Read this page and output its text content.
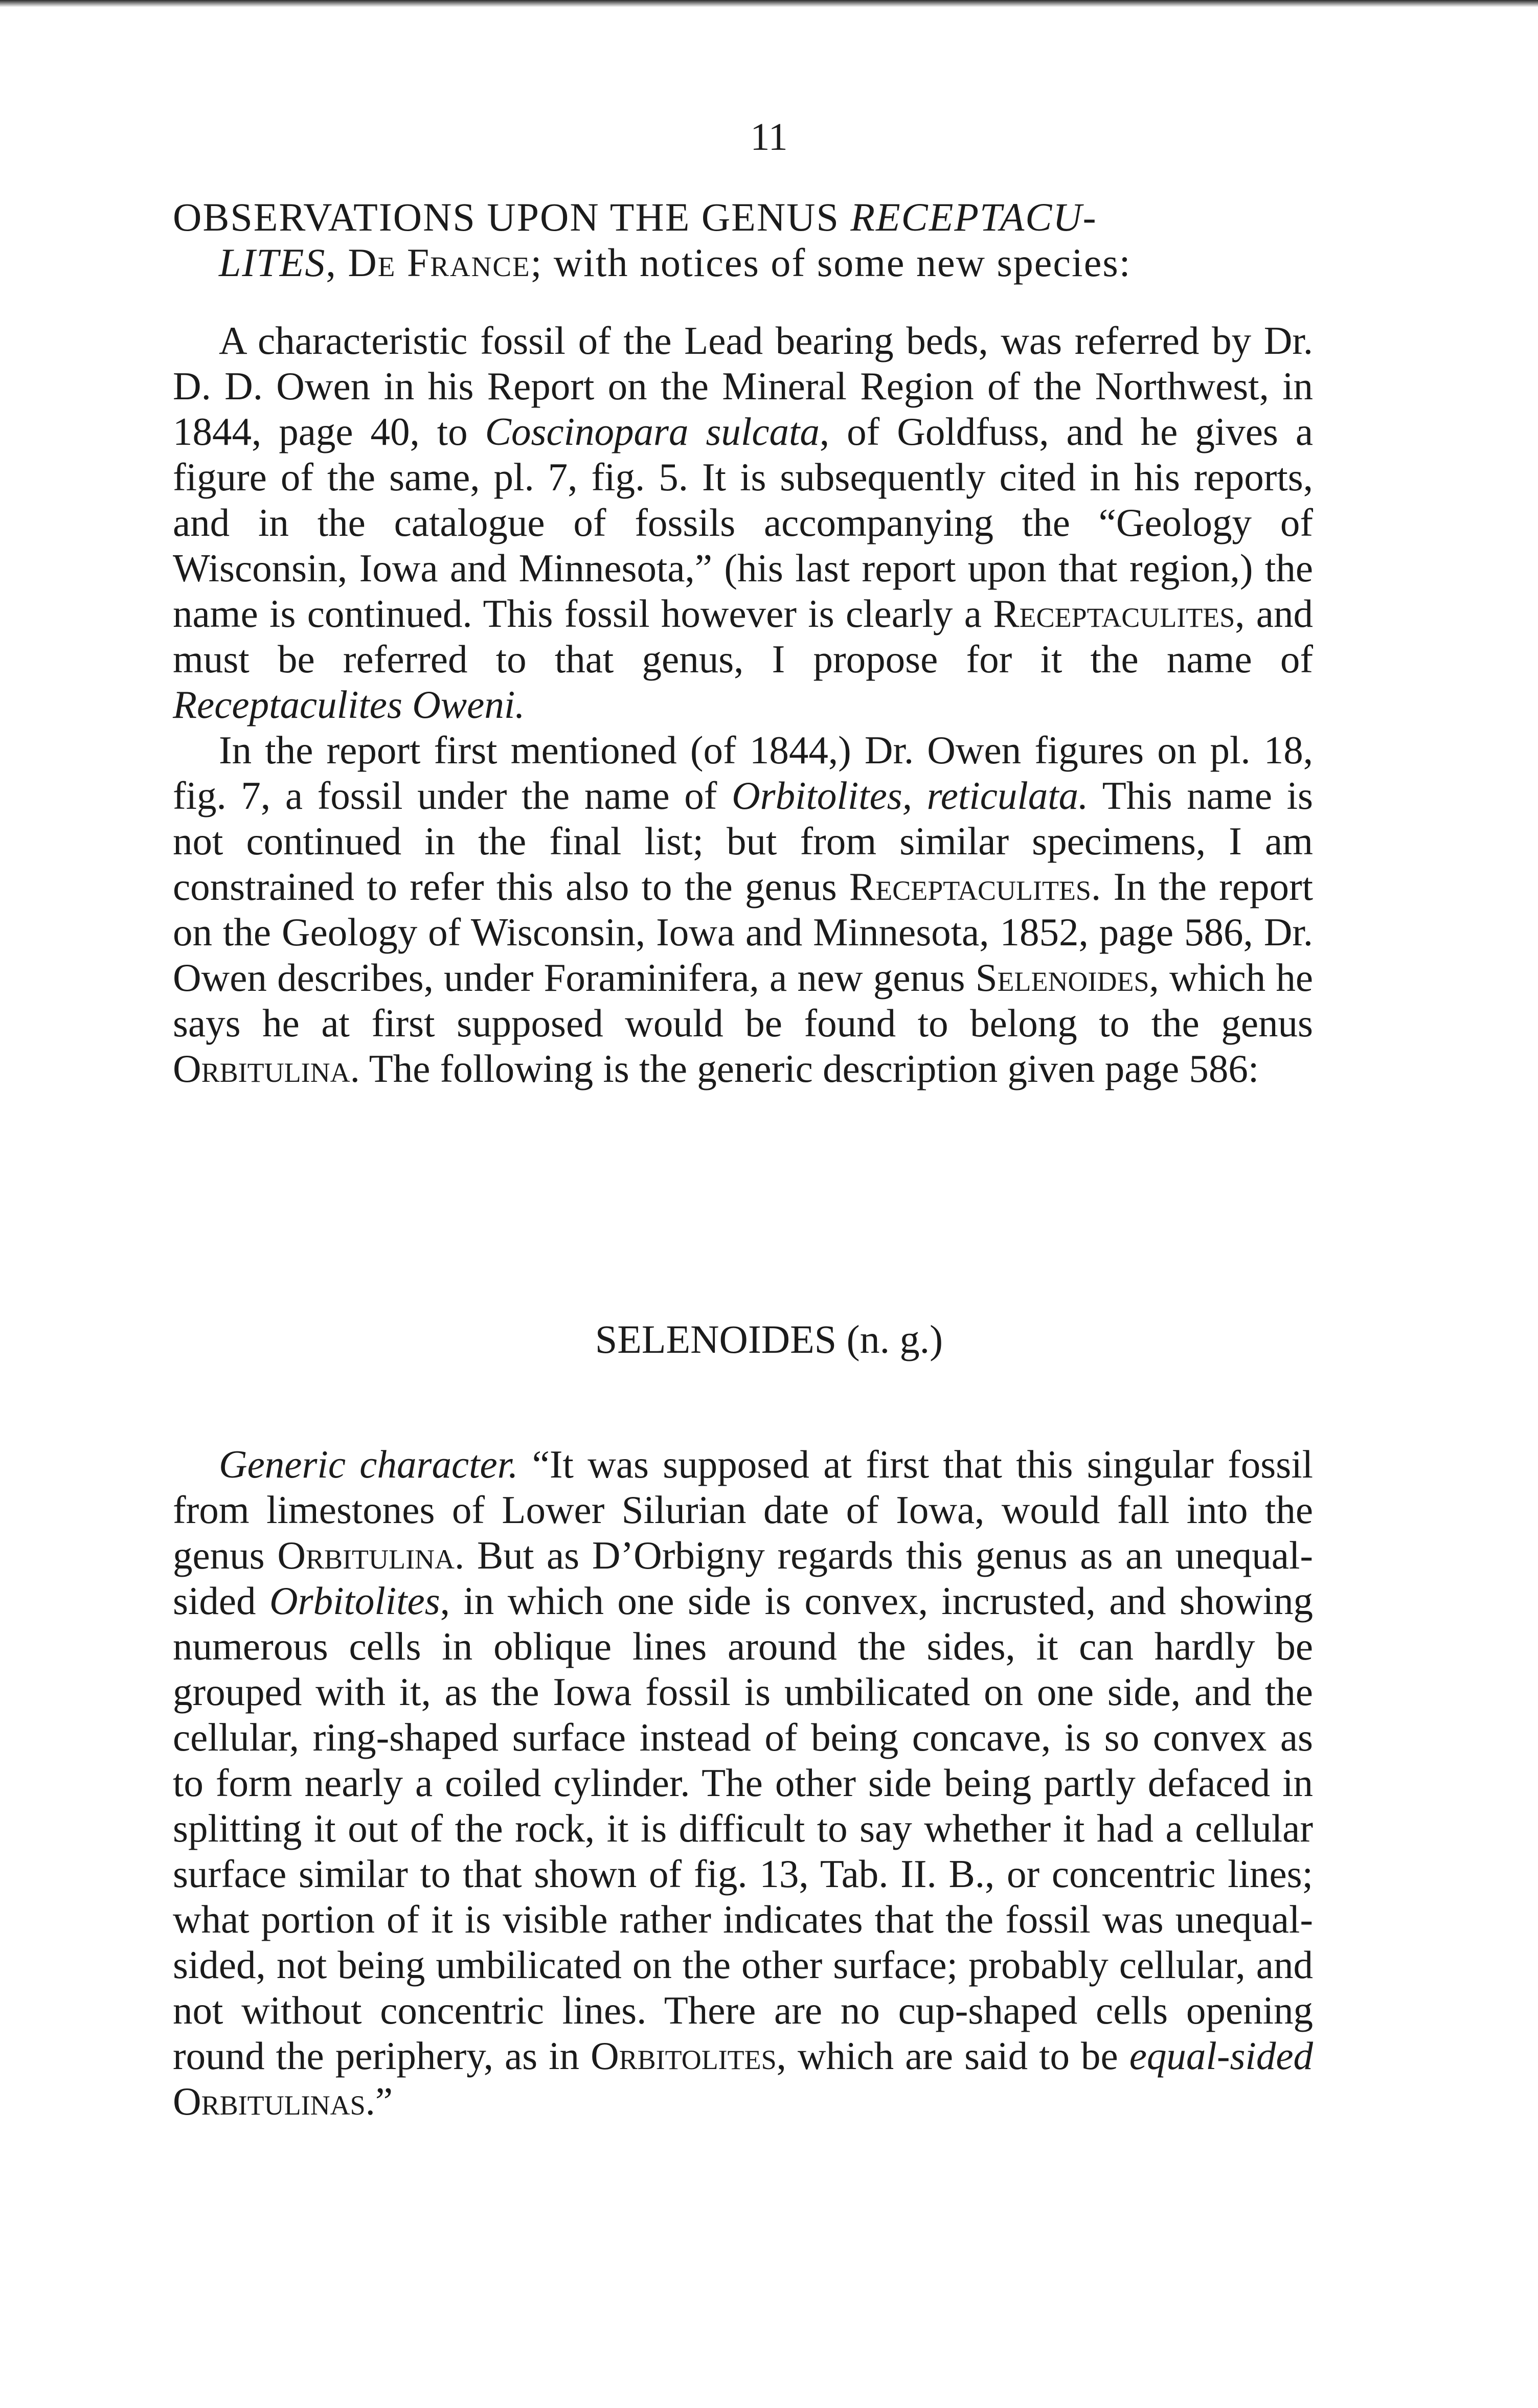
11
OBSERVATIONS UPON THE GENUS RECEPTACU-
LITES, De France; with notices of some new species:

A characteristic fossil of the Lead bearing beds, was referred by Dr. D. D. Owen in his Report on the Mineral Region of the Northwest, in 1844, page 40, to Coscinopara sulcata, of Goldfuss, and he gives a figure of the same, pl. 7, fig. 5. It is subsequently cited in his reports, and in the catalogue of fossils accompanying the “Geology of Wisconsin, Iowa and Minnesota,” (his last report upon that region,) the name is continued. This fossil however is clearly a Receptaculites, and must be referred to that genus, I propose for it the name of Receptaculites Oweni.

In the report first mentioned (of 1844,) Dr. Owen figures on pl. 18, fig. 7, a fossil under the name of Orbitolites, reticulata. This name is not continued in the final list; but from similar specimens, I am constrained to refer this also to the genus Receptaculites. In the report on the Geology of Wisconsin, Iowa and Minnesota, 1852, page 586, Dr. Owen describes, under Foraminifera, a new genus Selenoides, which he says he at first supposed would be found to belong to the genus Orbitulina. The following is the generic description given page 586:

SELENOIDES (n. g.)

Generic character. “It was supposed at first that this singular fossil from limestones of Lower Silurian date of Iowa, would fall into the genus Orbitulina. But as D’Orbigny regards this genus as an unequal-sided Orbitolites, in which one side is convex, incrusted, and showing numerous cells in oblique lines around the sides, it can hardly be grouped with it, as the Iowa fossil is umbilicated on one side, and the cellular, ring-shaped surface instead of being concave, is so convex as to form nearly a coiled cylinder. The other side being partly defaced in splitting it out of the rock, it is difficult to say whether it had a cellular surface similar to that shown of fig. 13, Tab. II. B., or concentric lines; what portion of it is visible rather indicates that the fossil was unequal-sided, not being umbilicated on the other surface; probably cellular, and not without concentric lines. There are no cup-shaped cells opening round the periphery, as in Orbitolites, which are said to be equal-sided Orbitulinas.”
